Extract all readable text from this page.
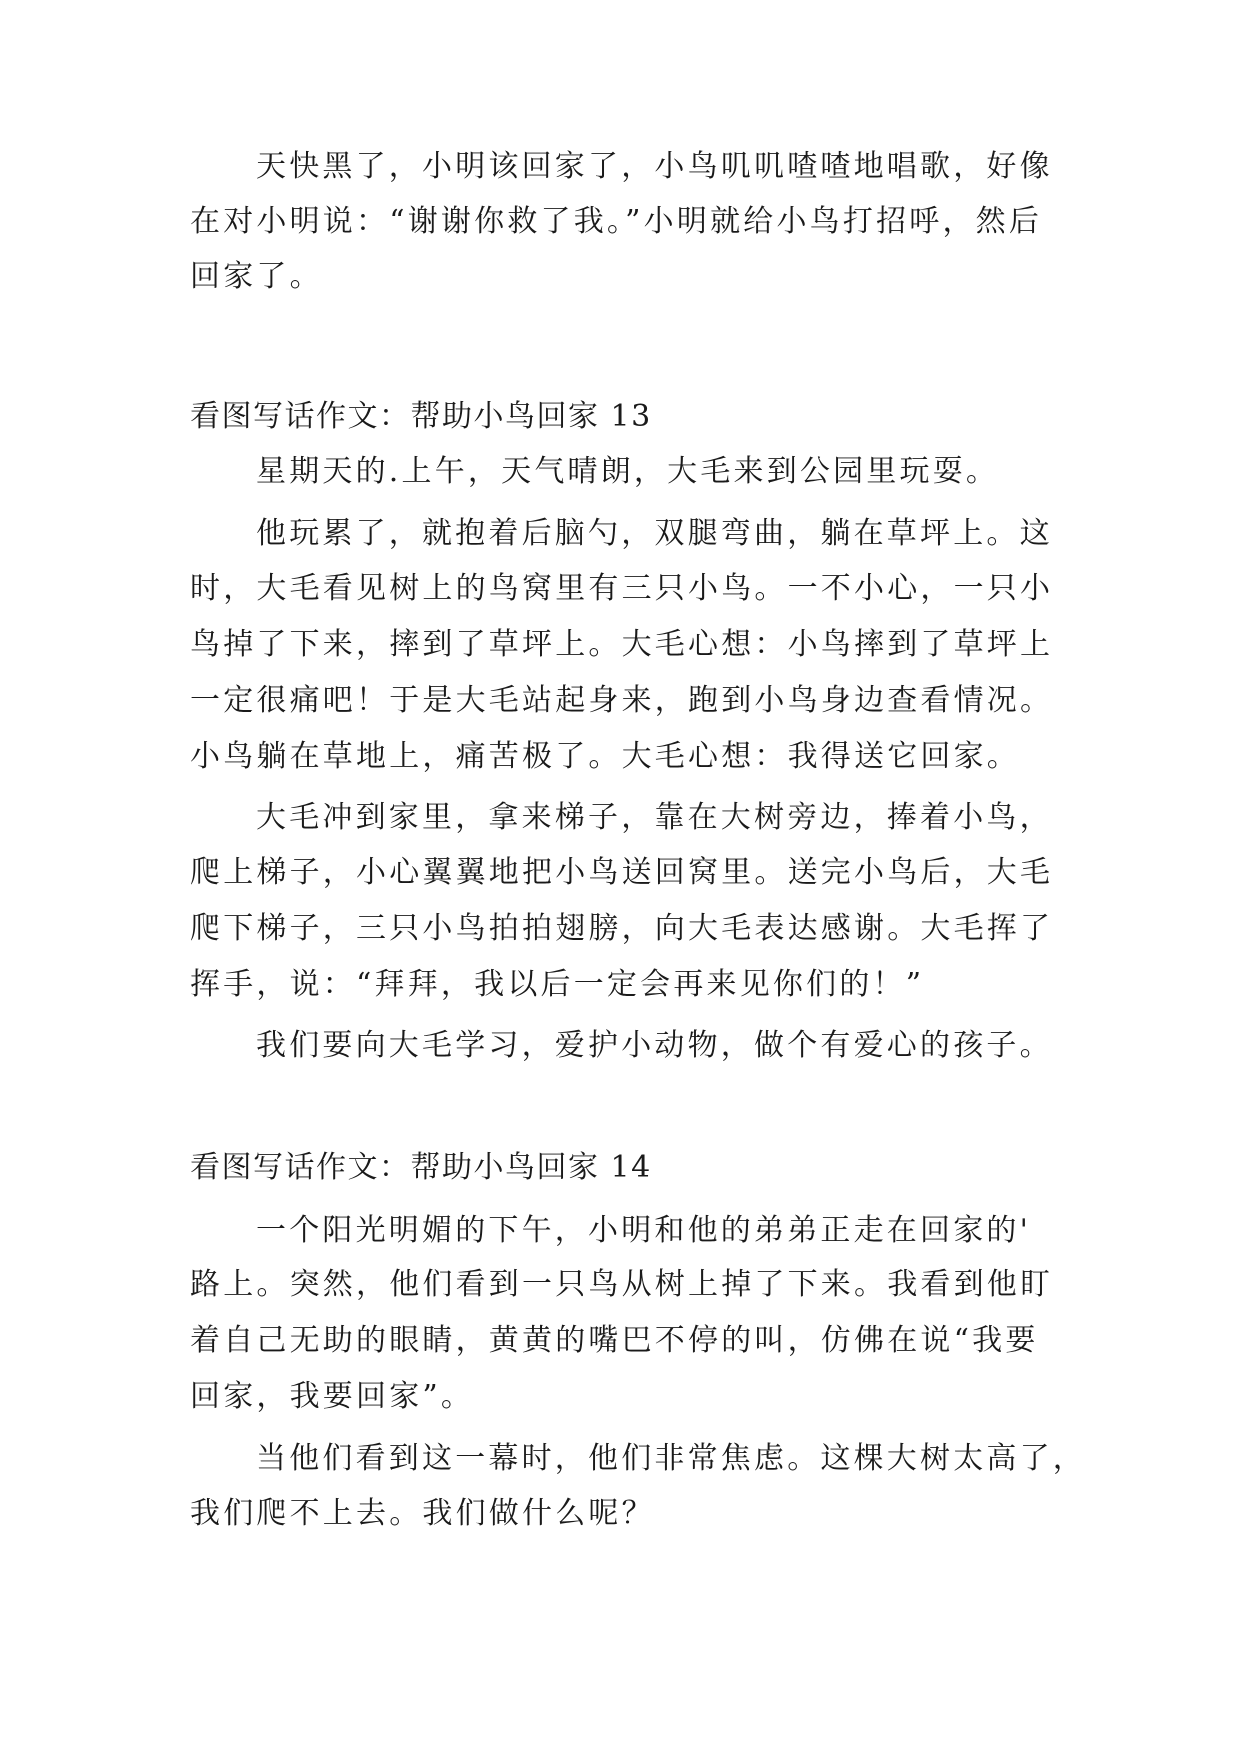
天快黑了，小明该回家了，小鸟叽叽喳喳地唱歌，好像
在对小明说：“谢谢你救了我。”小明就给小鸟打招呼，然后
回家了。
看图写话作文：帮助小鸟回家 13
星期天的.上午，天气晴朗，大毛来到公园里玩耍。
他玩累了，就抱着后脑勺，双腿弯曲，躺在草坪上。这
时，大毛看见树上的鸟窝里有三只小鸟。一不小心，一只小
鸟掉了下来，摔到了草坪上。大毛心想：小鸟摔到了草坪上
一定很痛吧！于是大毛站起身来，跑到小鸟身边查看情况。
小鸟躺在草地上，痛苦极了。大毛心想：我得送它回家。
大毛冲到家里，拿来梯子，靠在大树旁边，捧着小鸟，
爬上梯子，小心翼翼地把小鸟送回窝里。送完小鸟后，大毛
爬下梯子，三只小鸟拍拍翅膀，向大毛表达感谢。大毛挥了
挥手，说：“拜拜，我以后一定会再来见你们的！”
我们要向大毛学习，爱护小动物，做个有爱心的孩子。
看图写话作文：帮助小鸟回家 14
一个阳光明媚的下午，小明和他的弟弟正走在回家的'
路上。突然，他们看到一只鸟从树上掉了下来。我看到他盯
着自己无助的眼睛，黄黄的嘴巴不停的叫，仿佛在说“我要
回家，我要回家”。
当他们看到这一幕时，他们非常焦虑。这棵大树太高了，
我们爬不上去。我们做什么呢？
